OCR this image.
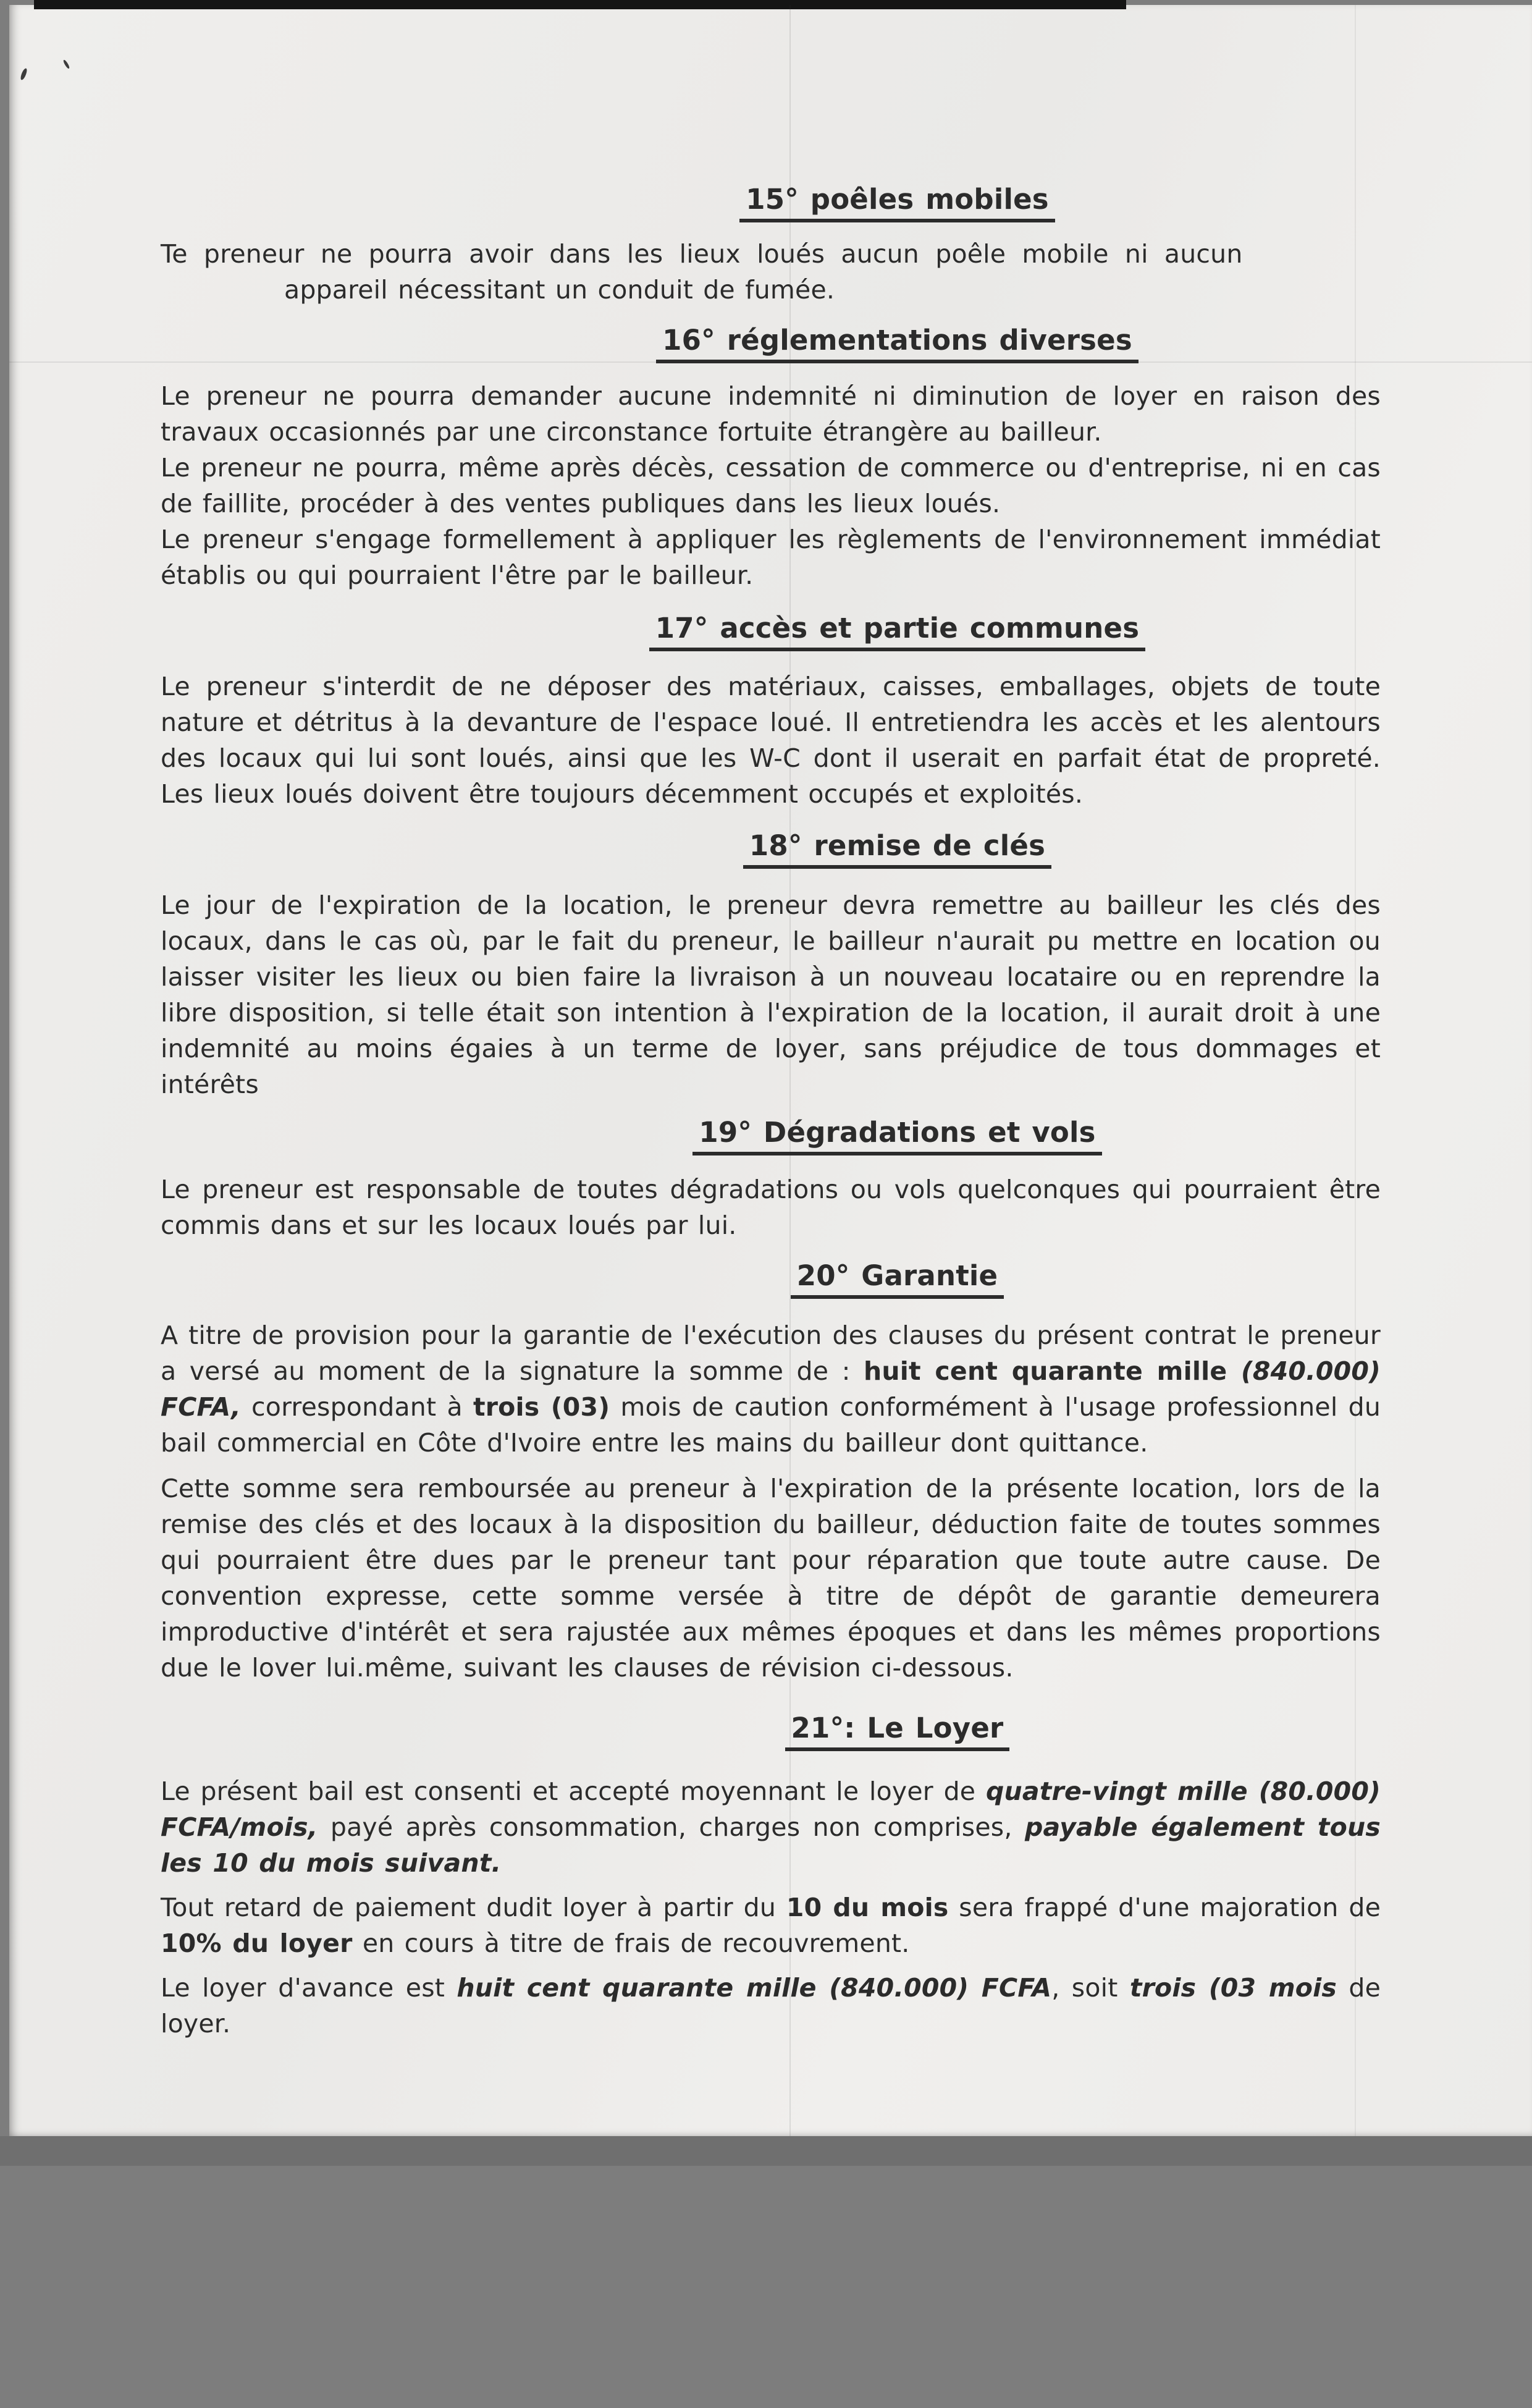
15° poêles mobiles

Te preneur ne pourra avoir dans les lieux loués aucun poêle mobile ni aucun

appareil nécessitant un conduit de fumée.

16° réglementations diverses

Le preneur ne pourra demander aucune indemnité ni diminution de loyer en raison des travaux occasionnés par une circonstance fortuite étrangère au bailleur.

Le preneur ne pourra, même après décès, cessation de commerce ou d'entreprise, ni en cas de faillite, procéder à des ventes publiques dans les lieux loués.

Le preneur s'engage formellement à appliquer les règlements de l'environnement immédiat établis ou qui pourraient l'être par le bailleur.

17° accès et partie communes

Le preneur s'interdit de ne déposer des matériaux, caisses, emballages, objets de toute nature et détritus à la devanture de l'espace loué. Il entretiendra les accès et les alentours des locaux qui lui sont loués, ainsi que les W-C dont il userait en parfait état de propreté. Les lieux loués doivent être toujours décemment occupés et exploités.

18° remise de clés

Le jour de l'expiration de la location, le preneur devra remettre au bailleur les clés des locaux, dans le cas où, par le fait du preneur, le bailleur n'aurait pu mettre en location ou laisser visiter les lieux ou bien faire la livraison à un nouveau locataire ou en reprendre la libre disposition, si telle était son intention à l'expiration de la location, il aurait droit à une indemnité au moins égaies à un terme de loyer, sans préjudice de tous dommages et intérêts

19° Dégradations et vols

Le preneur est responsable de toutes dégradations ou vols quelconques qui pourraient être commis dans et sur les locaux loués par lui.

20° Garantie

A titre de provision pour la garantie de l'exécution des clauses du présent contrat le preneur a versé au moment de la signature la somme de : huit cent quarante mille (840.000) FCFA, correspondant à trois (03) mois de caution conformément à l'usage professionnel du bail commercial en Côte d'Ivoire entre les mains du bailleur dont quittance.

Cette somme sera remboursée au preneur à l'expiration de la présente location, lors de la remise des clés et des locaux à la disposition du bailleur, déduction faite de toutes sommes qui pourraient être dues par le preneur tant pour réparation que toute autre cause. De convention expresse, cette somme versée à titre de dépôt de garantie demeurera improductive d'intérêt et sera rajustée aux mêmes époques et dans les mêmes proportions due le lover lui.même, suivant les clauses de révision ci-dessous.

21°: Le Loyer

Le présent bail est consenti et accepté moyennant le loyer de quatre-vingt mille (80.000) FCFA/mois, payé après consommation, charges non comprises, payable également tous les 10 du mois suivant.

Tout retard de paiement dudit loyer à partir du 10 du mois sera frappé d'une majoration de 10% du loyer en cours à titre de frais de recouvrement.

Le loyer d'avance est huit cent quarante mille (840.000) FCFA, soit trois (03 mois de loyer.
